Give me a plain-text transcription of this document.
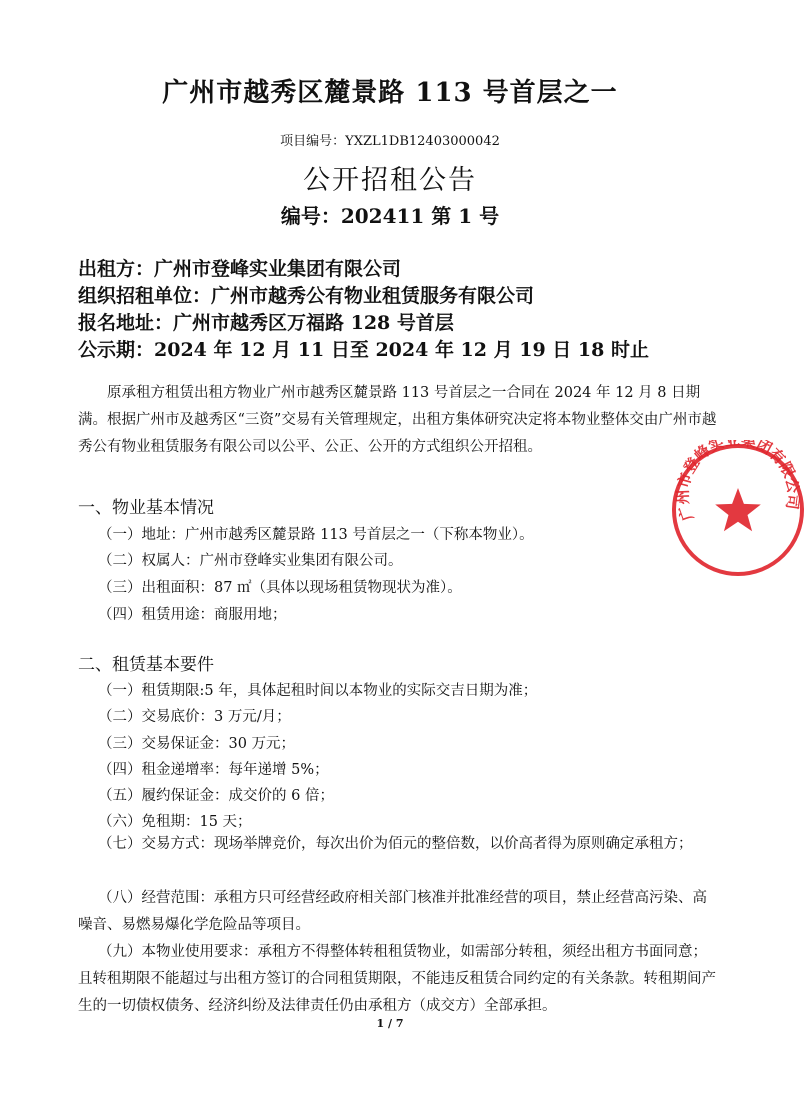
广州市越秀区麓景路 113 号首层之一
项目编号：YXZL1DB12403000042
公开招租公告
编号：202411 第 1 号
出租方：广州市登峰实业集团有限公司
组织招租单位：广州市越秀公有物业租赁服务有限公司
报名地址：广州市越秀区万福路 128 号首层
公示期：2024 年 12 月 11 日至 2024 年 12 月 19 日 18 时止
原承租方租赁出租方物业广州市越秀区麓景路 113 号首层之一合同在 2024 年 12 月 8 日期满。根据广州市及越秀区“三资”交易有关管理规定，出租方集体研究决定将本物业整体交由广州市越秀公有物业租赁服务有限公司以公平、公正、公开的方式组织公开招租。
一、物业基本情况
（一）地址：广州市越秀区麓景路 113 号首层之一（下称本物业）。
（二）权属人：广州市登峰实业集团有限公司。
（三）出租面积：87 ㎡（具体以现场租赁物现状为准）。
（四）租赁用途：商服用地；
二、租赁基本要件
（一）租赁期限:5 年，具体起租时间以本物业的实际交吉日期为准；
（二）交易底价：3 万元/月；
（三）交易保证金：30 万元；
（四）租金递增率：每年递增 5%；
（五）履约保证金：成交价的 6 倍；
（六）免租期：15 天；
（七）交易方式：现场举牌竞价，每次出价为佰元的整倍数，以价高者得为原则确定承租方；
（八）经营范围：承租方只可经营经政府相关部门核准并批准经营的项目，禁止经营高污染、高噪音、易燃易爆化学危险品等项目。
（九）本物业使用要求：承租方不得整体转租租赁物业，如需部分转租，须经出租方书面同意；且转租期限不能超过与出租方签订的合同租赁期限，不能违反租赁合同约定的有关条款。转租期间产生的一切债权债务、经济纠纷及法律责任仍由承租方（成交方）全部承担。
广州市登峰实业集团有限公司
1 / 7
